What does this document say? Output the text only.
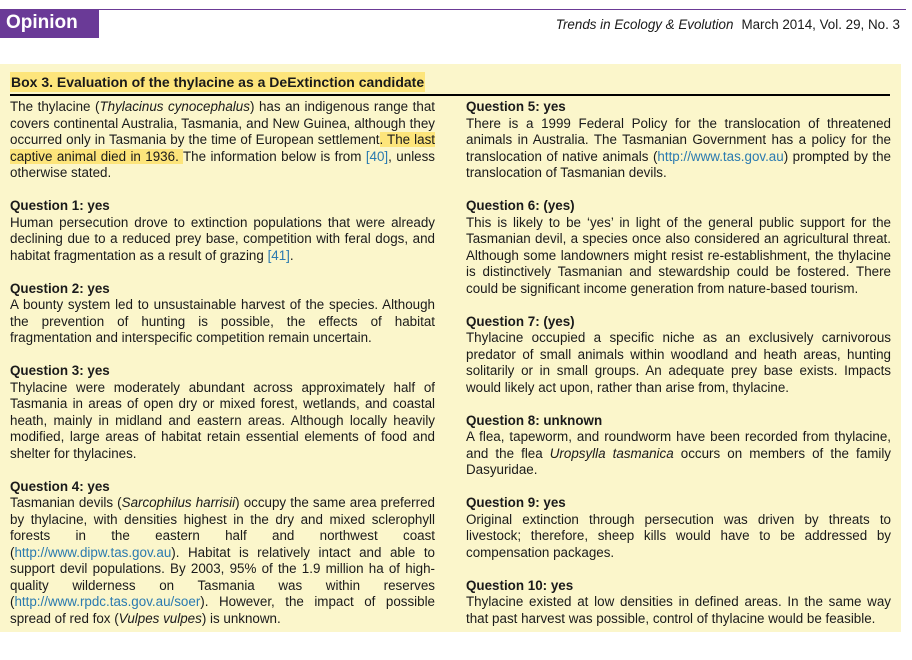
Opinion	Trends in Ecology & Evolution March 2014, Vol. 29, No. 3
Box 3. Evaluation of the thylacine as a DeExtinction candidate

The thylacine (Thylacinus cynocephalus) has an indigenous range that covers continental Australia, Tasmania, and New Guinea, although they occurred only in Tasmania by the time of European settlement. The last captive animal died in 1936. The information below is from [40], unless otherwise stated.

Question 1: yes

Human persecution drove to extinction populations that were already declining due to a reduced prey base, competition with feral dogs, and habitat fragmentation as a result of grazing [41].

Question 2: yes

A bounty system led to unsustainable harvest of the species. Although the prevention of hunting is possible, the effects of habitat fragmentation and interspecific competition remain uncertain.

Question 3: yes

Thylacine were moderately abundant across approximately half of Tasmania in areas of open dry or mixed forest, wetlands, and coastal heath, mainly in midland and eastern areas. Although locally heavily modified, large areas of habitat retain essential elements of food and shelter for thylacines.

Question 4: yes

Tasmanian devils (Sarcophilus harrisii) occupy the same area preferred by thylacine, with densities highest in the dry and mixed sclerophyll forests in the eastern half and northwest coast (http://www.dipw.tas.gov.au). Habitat is relatively intact and able to support devil populations. By 2003, 95% of the 1.9 million ha of high-quality wilderness on Tasmania was within reserves (http://www.rpdc.tas.gov.au/soer). However, the impact of possible spread of red fox (Vulpes vulpes) is unknown.

Question 5: yes

There is a 1999 Federal Policy for the translocation of threatened animals in Australia. The Tasmanian Government has a policy for the translocation of native animals (http://www.tas.gov.au) prompted by the translocation of Tasmanian devils.

Question 6: (yes)

This is likely to be ‘yes’ in light of the general public support for the Tasmanian devil, a species once also considered an agricultural threat. Although some landowners might resist re-establishment, the thylacine is distinctively Tasmanian and stewardship could be fostered. There could be significant income generation from nature-based tourism.

Question 7: (yes)

Thylacine occupied a specific niche as an exclusively carnivorous predator of small animals within woodland and heath areas, hunting solitarily or in small groups. An adequate prey base exists. Impacts would likely act upon, rather than arise from, thylacine.

Question 8: unknown

A flea, tapeworm, and roundworm have been recorded from thylacine, and the flea Uropsylla tasmanica occurs on members of the family Dasyuridae.

Question 9: yes

Original extinction through persecution was driven by threats to livestock; therefore, sheep kills would have to be addressed by compensation packages.

Question 10: yes

Thylacine existed at low densities in defined areas. In the same way that past harvest was possible, control of thylacine would be feasible.
